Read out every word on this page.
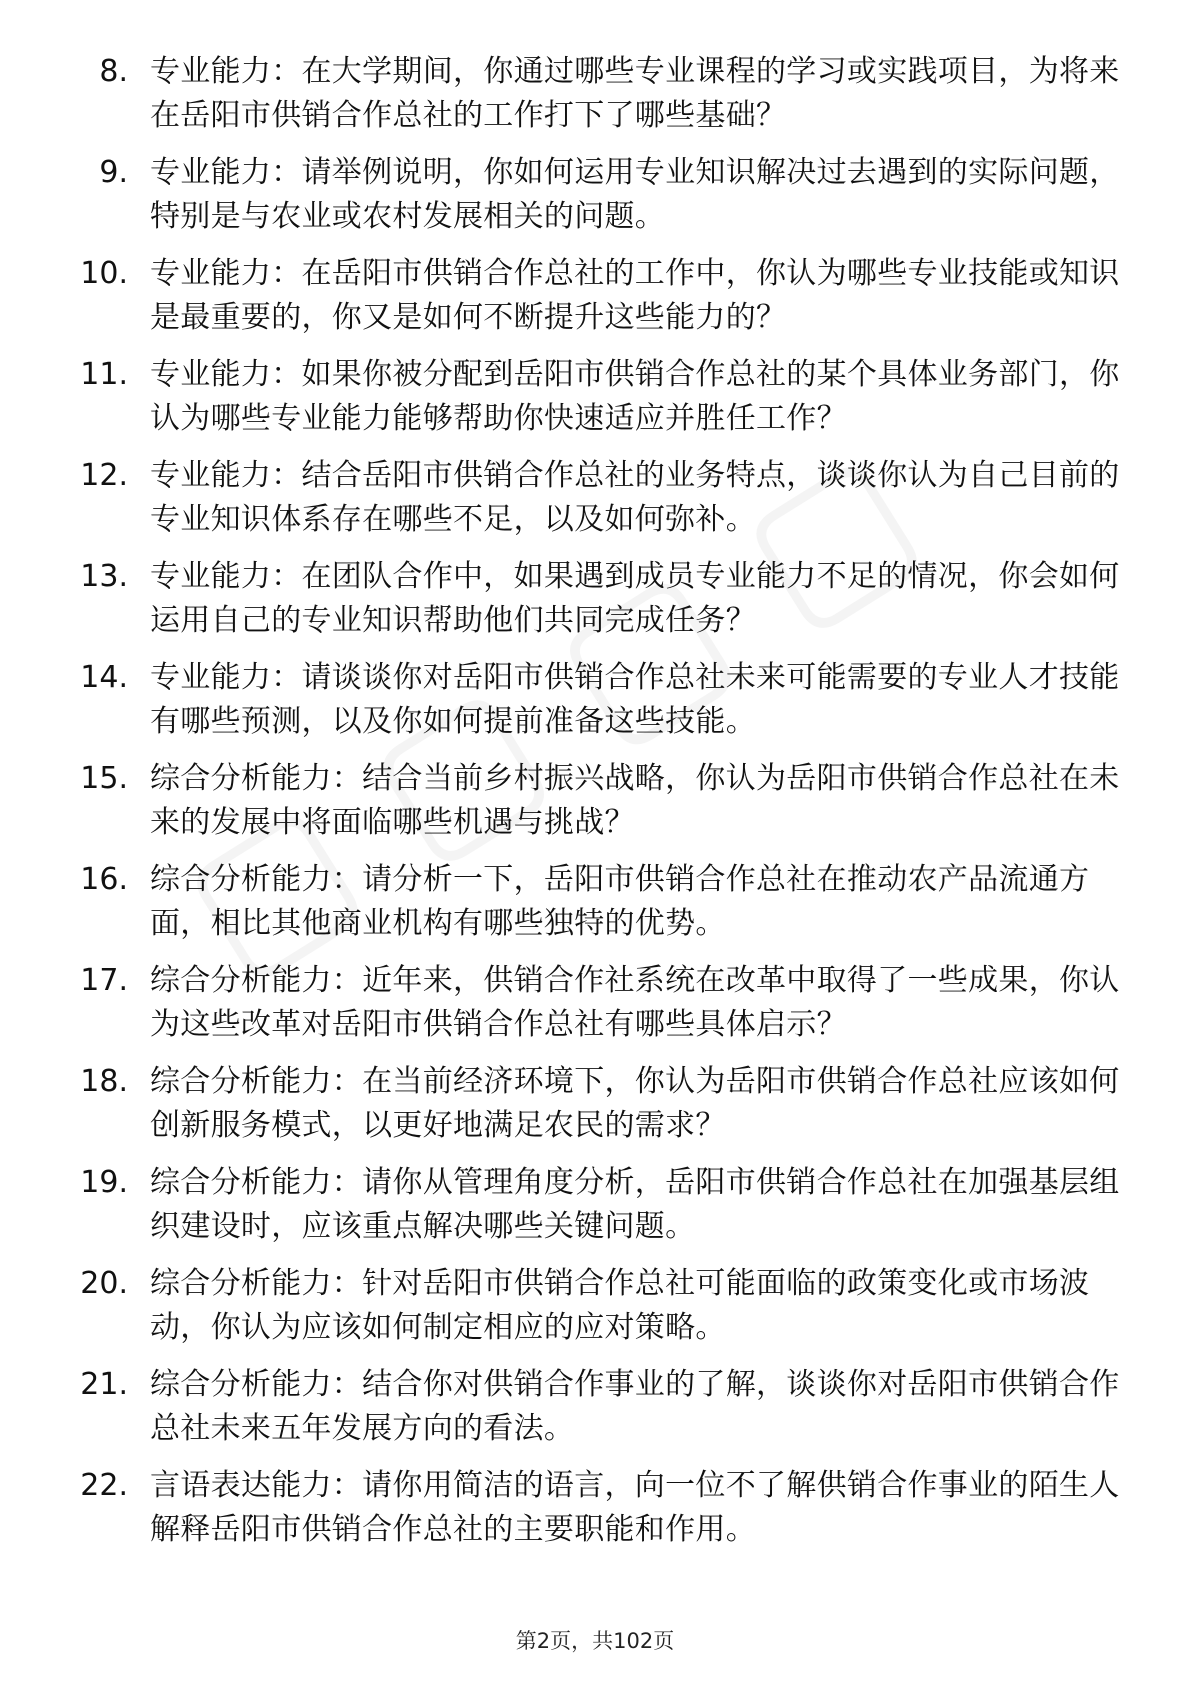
8. 专业能力：在大学期间，你通过哪些专业课程的学习或实践项目，为将来在岳阳市供销合作总社的工作打下了哪些基础？
9. 专业能力：请举例说明，你如何运用专业知识解决过去遇到的实际问题，特别是与农业或农村发展相关的问题。
10. 专业能力：在岳阳市供销合作总社的工作中，你认为哪些专业技能或知识是最重要的，你又是如何不断提升这些能力的？
11. 专业能力：如果你被分配到岳阳市供销合作总社的某个具体业务部门，你认为哪些专业能力能够帮助你快速适应并胜任工作？
12. 专业能力：结合岳阳市供销合作总社的业务特点，谈谈你认为自己目前的专业知识体系存在哪些不足，以及如何弥补。
13. 专业能力：在团队合作中，如果遇到成员专业能力不足的情况，你会如何运用自己的专业知识帮助他们共同完成任务？
14. 专业能力：请谈谈你对岳阳市供销合作总社未来可能需要的专业人才技能有哪些预测，以及你如何提前准备这些技能。
15. 综合分析能力：结合当前乡村振兴战略，你认为岳阳市供销合作总社在未来的发展中将面临哪些机遇与挑战？
16. 综合分析能力：请分析一下，岳阳市供销合作总社在推动农产品流通方面，相比其他商业机构有哪些独特的优势。
17. 综合分析能力：近年来，供销合作社系统在改革中取得了一些成果，你认为这些改革对岳阳市供销合作总社有哪些具体启示？
18. 综合分析能力：在当前经济环境下，你认为岳阳市供销合作总社应该如何创新服务模式，以更好地满足农民的需求？
19. 综合分析能力：请你从管理角度分析，岳阳市供销合作总社在加强基层组织建设时，应该重点解决哪些关键问题。
20. 综合分析能力：针对岳阳市供销合作总社可能面临的政策变化或市场波动，你认为应该如何制定相应的应对策略。
21. 综合分析能力：结合你对供销合作事业的了解，谈谈你对岳阳市供销合作总社未来五年发展方向的看法。
22. 言语表达能力：请你用简洁的语言，向一位不了解供销合作事业的陌生人解释岳阳市供销合作总社的主要职能和作用。
第2页，共102页
